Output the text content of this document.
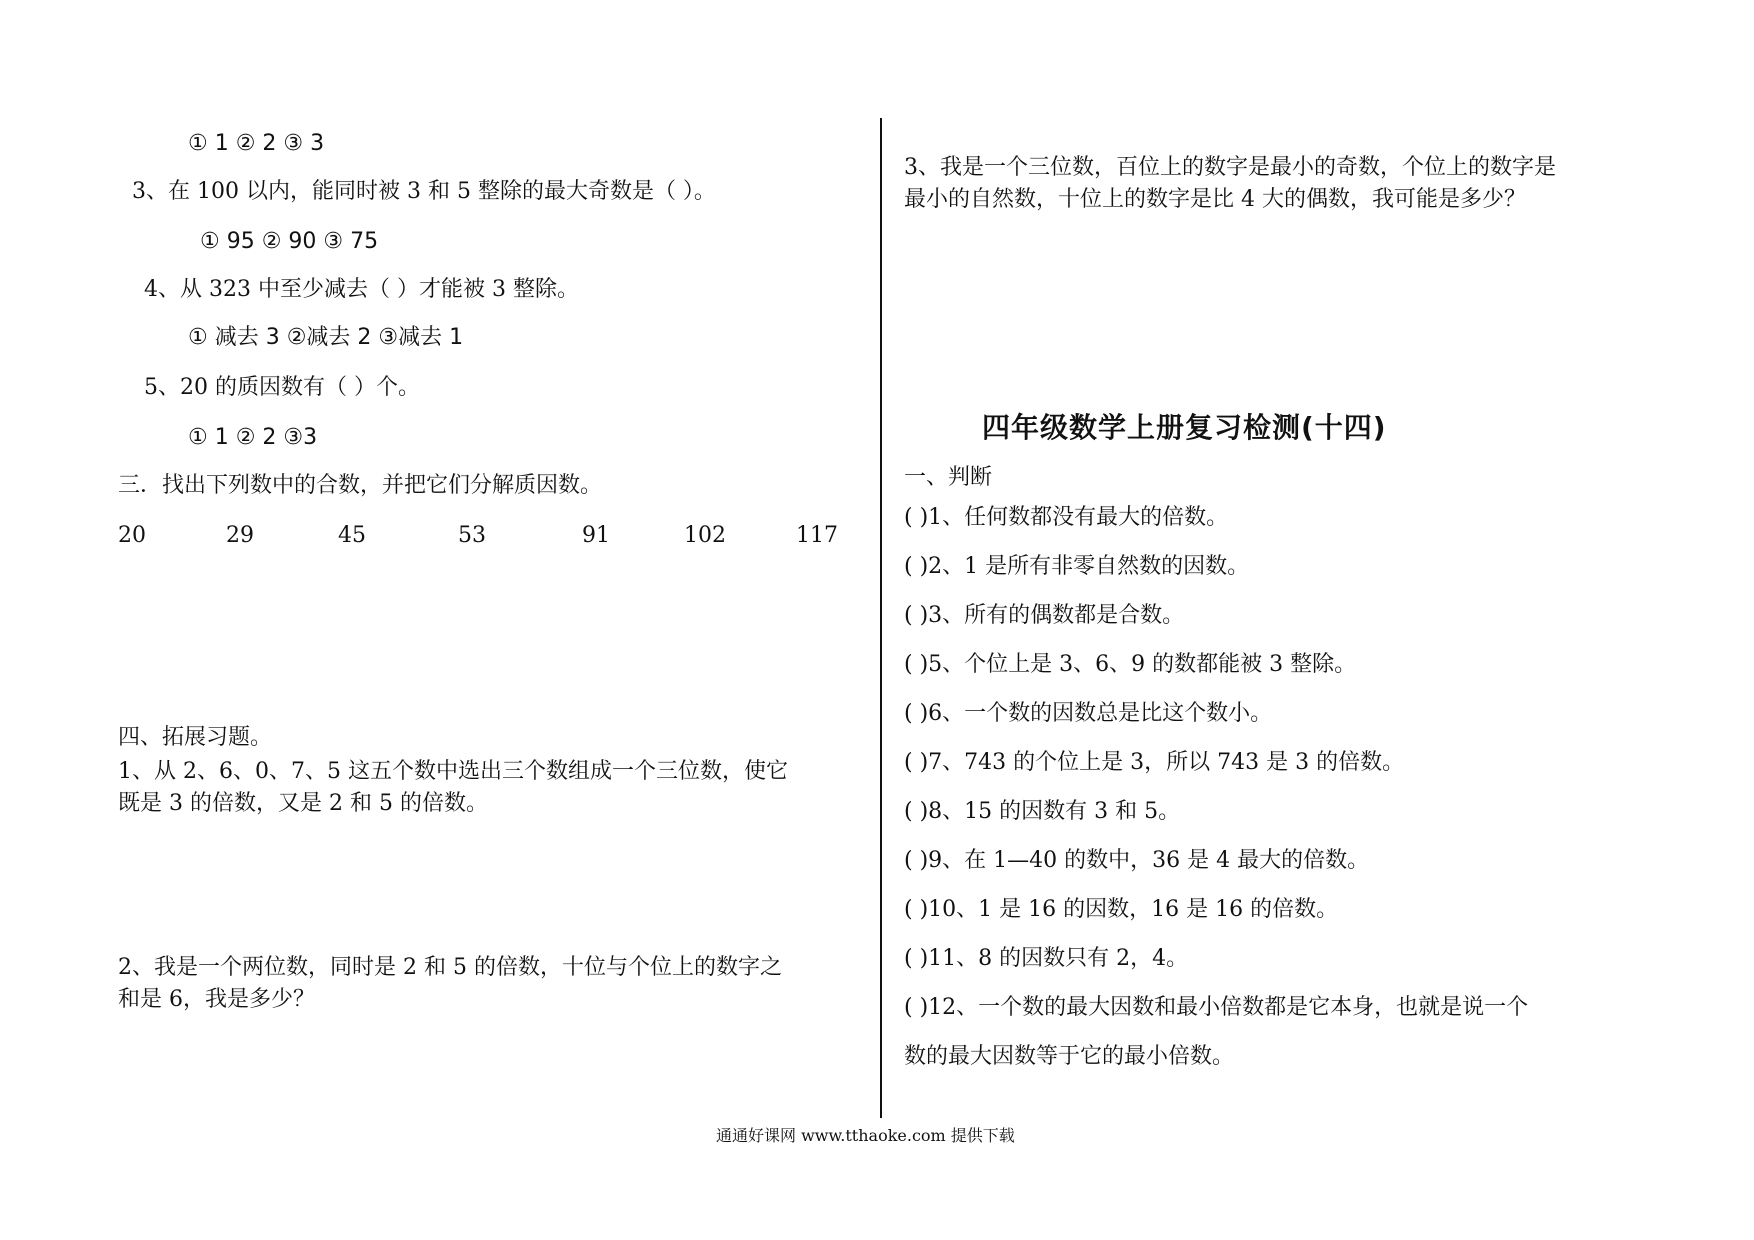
① 1 ② 2 ③ 3
3、在 100 以内，能同时被 3 和 5 整除的最大奇数是（ ）。
① 95 ② 90 ③ 75
4、从 323 中至少减去（ ）才能被 3 整除。
① 减去 3 ②减去 2 ③减去 1
5、20 的质因数有（ ）个。
① 1 ② 2 ③3
三．找出下列数中的合数，并把它们分解质因数。
20	29	45	53	91	102	117
四、拓展习题。
1、从 2、6、0、7、5 这五个数中选出三个数组成一个三位数，使它
既是 3 的倍数，又是 2 和 5 的倍数。
2、我是一个两位数，同时是 2 和 5 的倍数，十位与个位上的数字之
和是 6，我是多少？
3、我是一个三位数，百位上的数字是最小的奇数，个位上的数字是
最小的自然数，十位上的数字是比 4 大的偶数，我可能是多少？
四年级数学上册复习检测(十四)
一、判断
( )1、任何数都没有最大的倍数。
( )2、1 是所有非零自然数的因数。
( )3、所有的偶数都是合数。
( )5、个位上是 3、6、9 的数都能被 3 整除。
( )6、一个数的因数总是比这个数小。
( )7、743 的个位上是 3，所以 743 是 3 的倍数。
( )8、15 的因数有 3 和 5。
( )9、在 1—40 的数中，36 是 4 最大的倍数。
( )10、1 是 16 的因数，16 是 16 的倍数。
( )11、8 的因数只有 2，4。
( )12、一个数的最大因数和最小倍数都是它本身，也就是说一个
数的最大因数等于它的最小倍数。
通通好课网 www.tthaoke.com 提供下载
